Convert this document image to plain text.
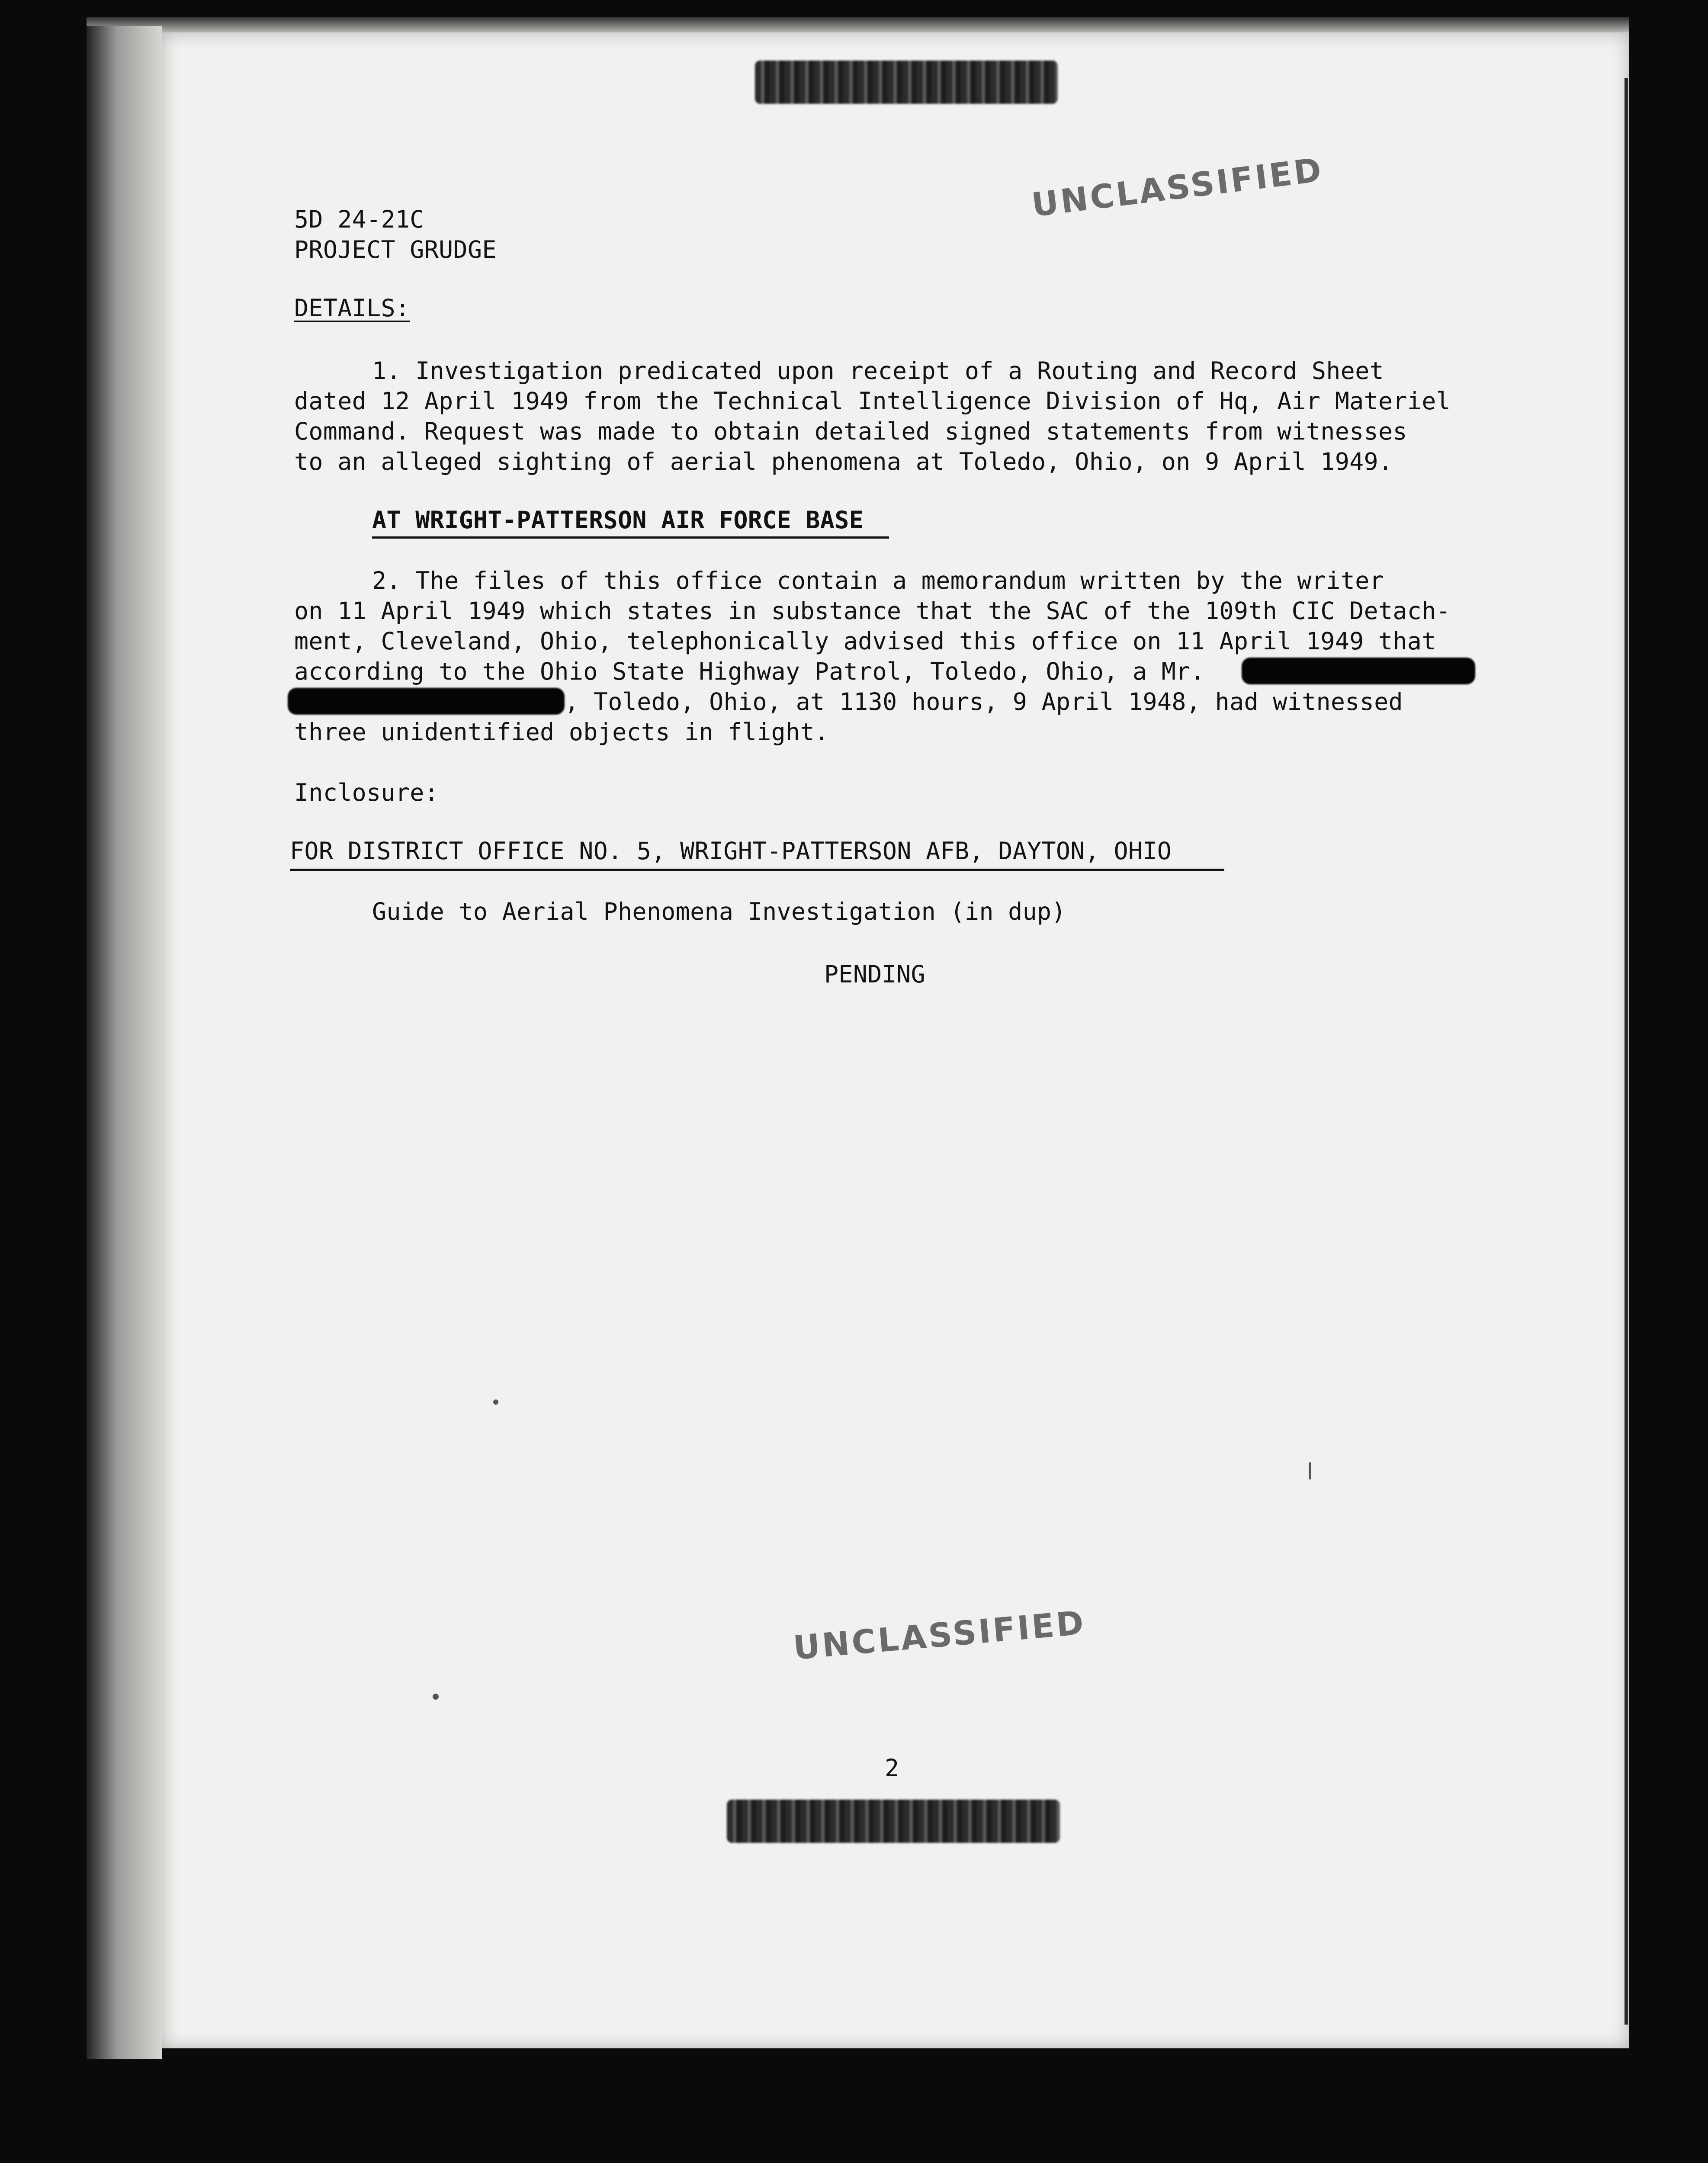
UNCLASSIFIED
5D 24-21C
PROJECT GRUDGE
DETAILS:
1. Investigation predicated upon receipt of a Routing and Record Sheet
dated 12 April 1949 from the Technical Intelligence Division of Hq, Air Materiel
Command. Request was made to obtain detailed signed statements from witnesses
to an alleged sighting of aerial phenomena at Toledo, Ohio, on 9 April 1949.
AT WRIGHT-PATTERSON AIR FORCE BASE
2. The files of this office contain a memorandum written by the writer
on 11 April 1949 which states in substance that the SAC of the 109th CIC Detach-
ment, Cleveland, Ohio, telephonically advised this office on 11 April 1949 that
according to the Ohio State Highway Patrol, Toledo, Ohio, a Mr.
, Toledo, Ohio, at 1130 hours, 9 April 1948, had witnessed
three unidentified objects in flight.
Inclosure:
FOR DISTRICT OFFICE NO. 5, WRIGHT-PATTERSON AFB, DAYTON, OHIO
Guide to Aerial Phenomena Investigation (in dup)
PENDING
UNCLASSIFIED
2
